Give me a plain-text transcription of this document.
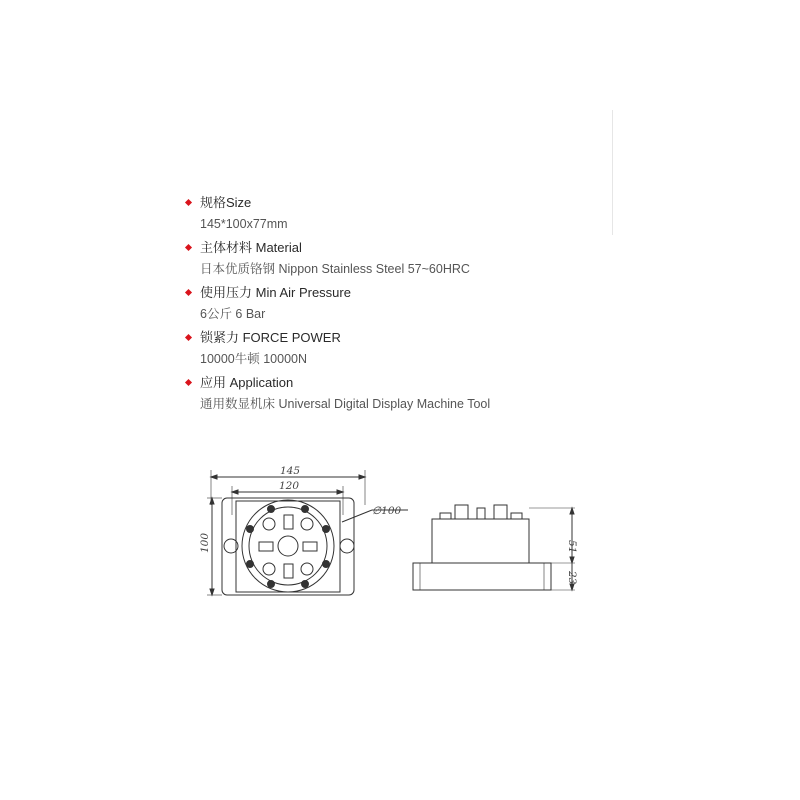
规格Size
145*100x77mm
主体材料 Material
日本优质铬钢 Nippon Stainless Steel 57~60HRC
使用压力 Min Air Pressure
6公斤 6 Bar
锁紧力 FORCE POWER
10000牛顿 10000N
应用 Application
通用数显机床 Universal Digital Display Machine Tool
145
120
∅100
100	51
23
